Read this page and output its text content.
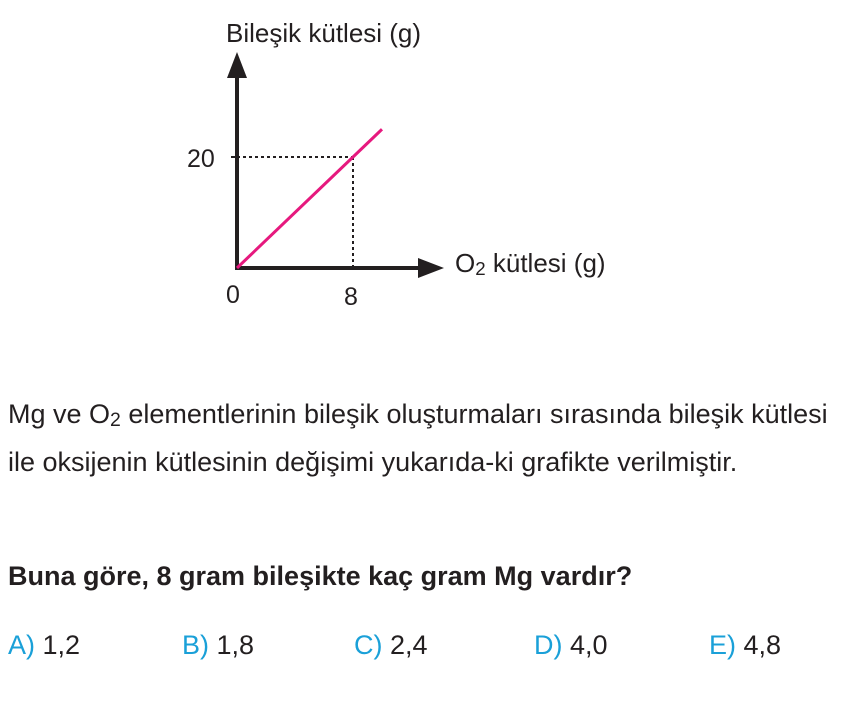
Bileşik kütlesi (g)
$O_2$ kütlesi (g)
0	8
20
Mg ve $O_2$ elementlerinin bileşik oluşturmaları sırasında bileşik kütlesi ile oksijenin kütlesinin değişimi yukarıda-ki grafikte verilmiştir.
Buna göre, 8 gram bileşikte kaç gram Mg vardır?
A) 1,2	B) 1,8	C) 2,4	D) 4,0	E) 4,8
